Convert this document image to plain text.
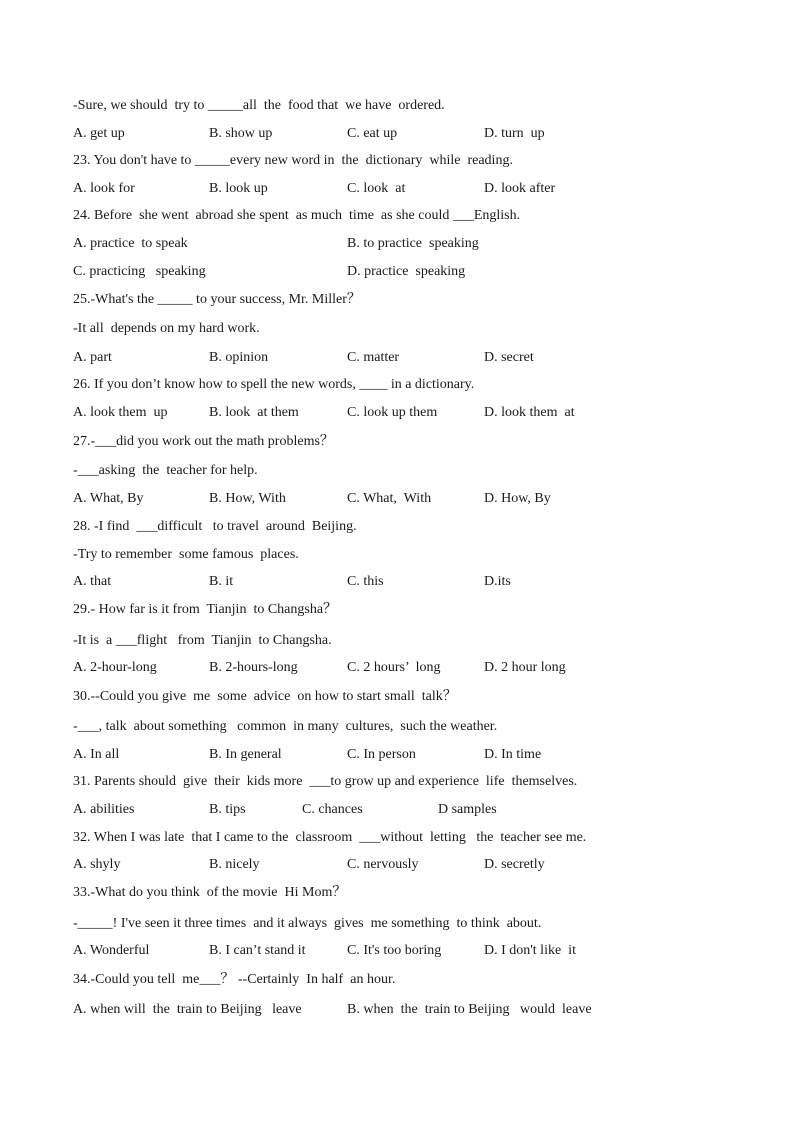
-Sure, we should  try to _____all  the  food that  we have  ordered.
A. get up	B. show up	C. eat up	D. turn  up
23. You don't have to _____every new word in  the  dictionary  while  reading.
A. look for	B. look up	C. look  at	D. look after
24. Before  she went  abroad she spent  as much  time  as she could ___English.
A. practice  to speak	B. to practice  speaking
C. practicing   speaking	D. practice  speaking
25.-What's the _____ to your success, Mr. Miller？
-It all  depends on my hard work.
A. part	B. opinion	C. matter	D. secret
26. If you don’t know how to spell the new words, ____ in a dictionary.
A. look them  up	B. look  at them	C. look up them	D. look them  at
27.-___did you work out the math problems？
-___asking  the  teacher for help.
A. What, By	B. How, With	C. What,  With	D. How, By
28. -I find  ___difficult   to travel  around  Beijing.
-Try to remember  some famous  places.
A. that	B. it	C. this	D.its
29.- How far is it from  Tianjin  to Changsha？
-It is  a ___flight   from  Tianjin  to Changsha.
A. 2-hour-long	B. 2-hours-long	C. 2 hours’  long	D. 2 hour long
30.--Could you give  me  some  advice  on how to start small  talk？
-___, talk  about something   common  in many  cultures,  such the weather.
A. In all	B. In general	C. In person	D. In time
31. Parents should  give  their  kids more  ___to grow up and experience  life  themselves.
A. abilities	B. tips	C. chances	D samples
32. When I was late  that I came to the  classroom  ___without  letting   the  teacher see me.
A. shyly	B. nicely	C. nervously	D. secretly
33.-What do you think  of the movie  Hi Mom？
-_____! I've seen it three times  and it always  gives  me something  to think  about.
A. Wonderful	B. I can’t stand it	C. It's too boring	D. I don't like  it
34.-Could you tell  me___？ --Certainly  In half  an hour.
A. when will  the  train to Beijing   leave	B. when  the  train to Beijing   would  leave
